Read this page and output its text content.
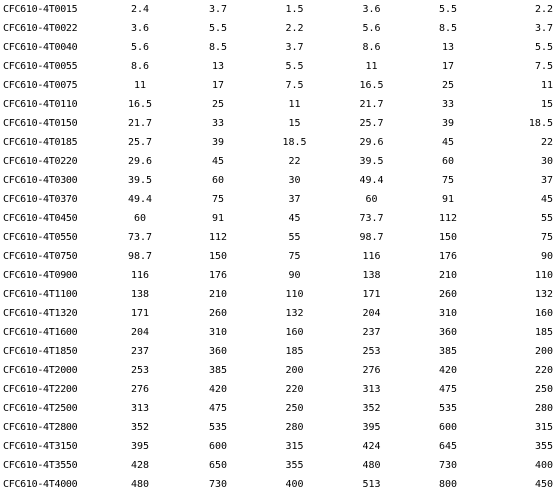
CFC610-4T0015	2.4	3.7	1.5	3.6	5.5	2.2
CFC610-4T0022	3.6	5.5	2.2	5.6	8.5	3.7
CFC610-4T0040	5.6	8.5	3.7	8.6	13	5.5
CFC610-4T0055	8.6	13	5.5	11	17	7.5
CFC610-4T0075	11	17	7.5	16.5	25	11
CFC610-4T0110	16.5	25	11	21.7	33	15
CFC610-4T0150	21.7	33	15	25.7	39	18.5
CFC610-4T0185	25.7	39	18.5	29.6	45	22
CFC610-4T0220	29.6	45	22	39.5	60	30
CFC610-4T0300	39.5	60	30	49.4	75	37
CFC610-4T0370	49.4	75	37	60	91	45
CFC610-4T0450	60	91	45	73.7	112	55
CFC610-4T0550	73.7	112	55	98.7	150	75
CFC610-4T0750	98.7	150	75	116	176	90
CFC610-4T0900	116	176	90	138	210	110
CFC610-4T1100	138	210	110	171	260	132
CFC610-4T1320	171	260	132	204	310	160
CFC610-4T1600	204	310	160	237	360	185
CFC610-4T1850	237	360	185	253	385	200
CFC610-4T2000	253	385	200	276	420	220
CFC610-4T2200	276	420	220	313	475	250
CFC610-4T2500	313	475	250	352	535	280
CFC610-4T2800	352	535	280	395	600	315
CFC610-4T3150	395	600	315	424	645	355
CFC610-4T3550	428	650	355	480	730	400
CFC610-4T4000	480	730	400	513	800	450
